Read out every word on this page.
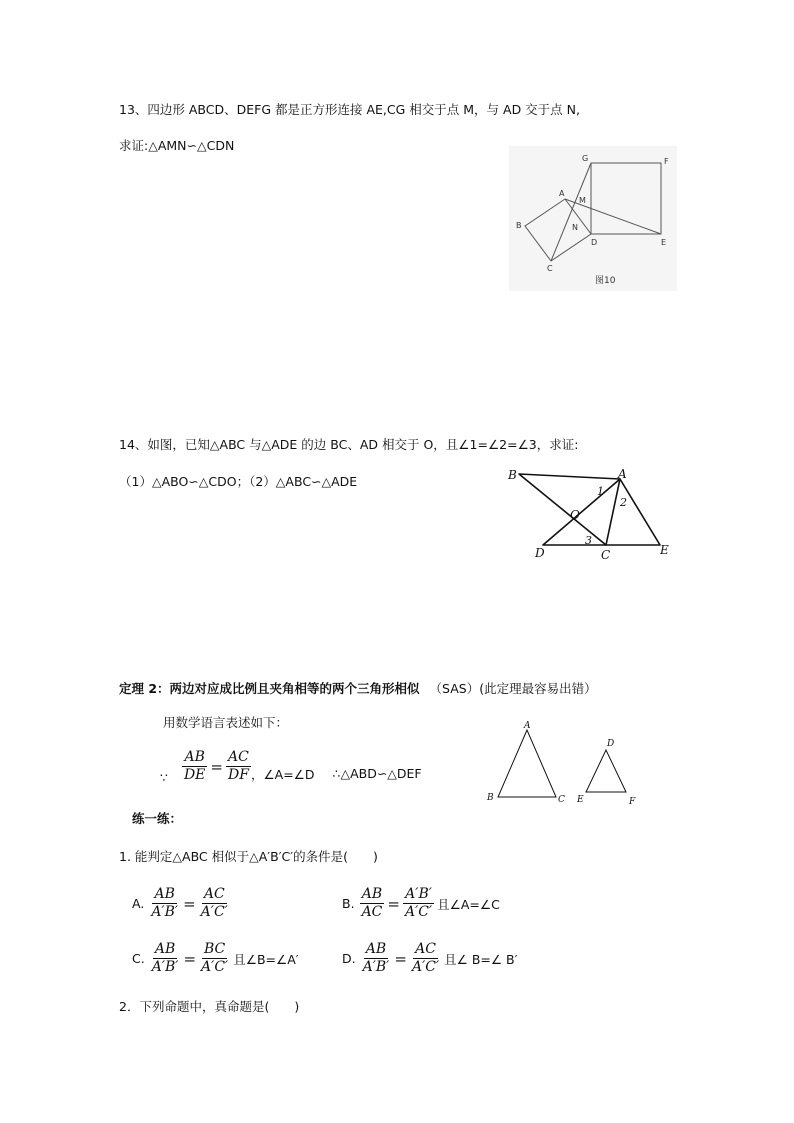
13、四边形 ABCD、DEFG 都是正方形连接 AE,CG 相交于点 M，与 AD 交于点 N,
求证:△AMN∽△CDN
G	F
A
M
B	N
D	E
C
图10
14、如图，已知△ABC 与△ADE 的边 BC、AD 相交于 O，且∠1=∠2=∠3，求证:
（1）△ABO∽△CDO；（2）△ABC∽△ADE	B	A
1
2
O
3
D	C	E
定理 2：两边对应成比例且夹角相等的两个三角形相似 （SAS）(此定理最容易出错）
用数学语言表述如下：
∵ $\frac{AB}{DE} = \frac{AC}{DF}$ ，∠A=∠D ∴△ABD∽△DEF
A
B	C
D
E	F
练一练：
1. 能判定△ABC 相似于△A′B′C′的条件是(　　)
A. $\frac{AB}{A'B'} = \frac{AC}{A'C'}$	B. $\frac{AB}{AC} = \frac{A'B'}{A'C'}$ 且∠A=∠C
C. $\frac{AB}{A'B'} = \frac{BC}{A'C'}$ 且∠B=∠A′	D. $\frac{AB}{A'B'} = \frac{AC}{A'C'}$ 且∠ B=∠ B′
2．下列命题中，真命题是(　　)
